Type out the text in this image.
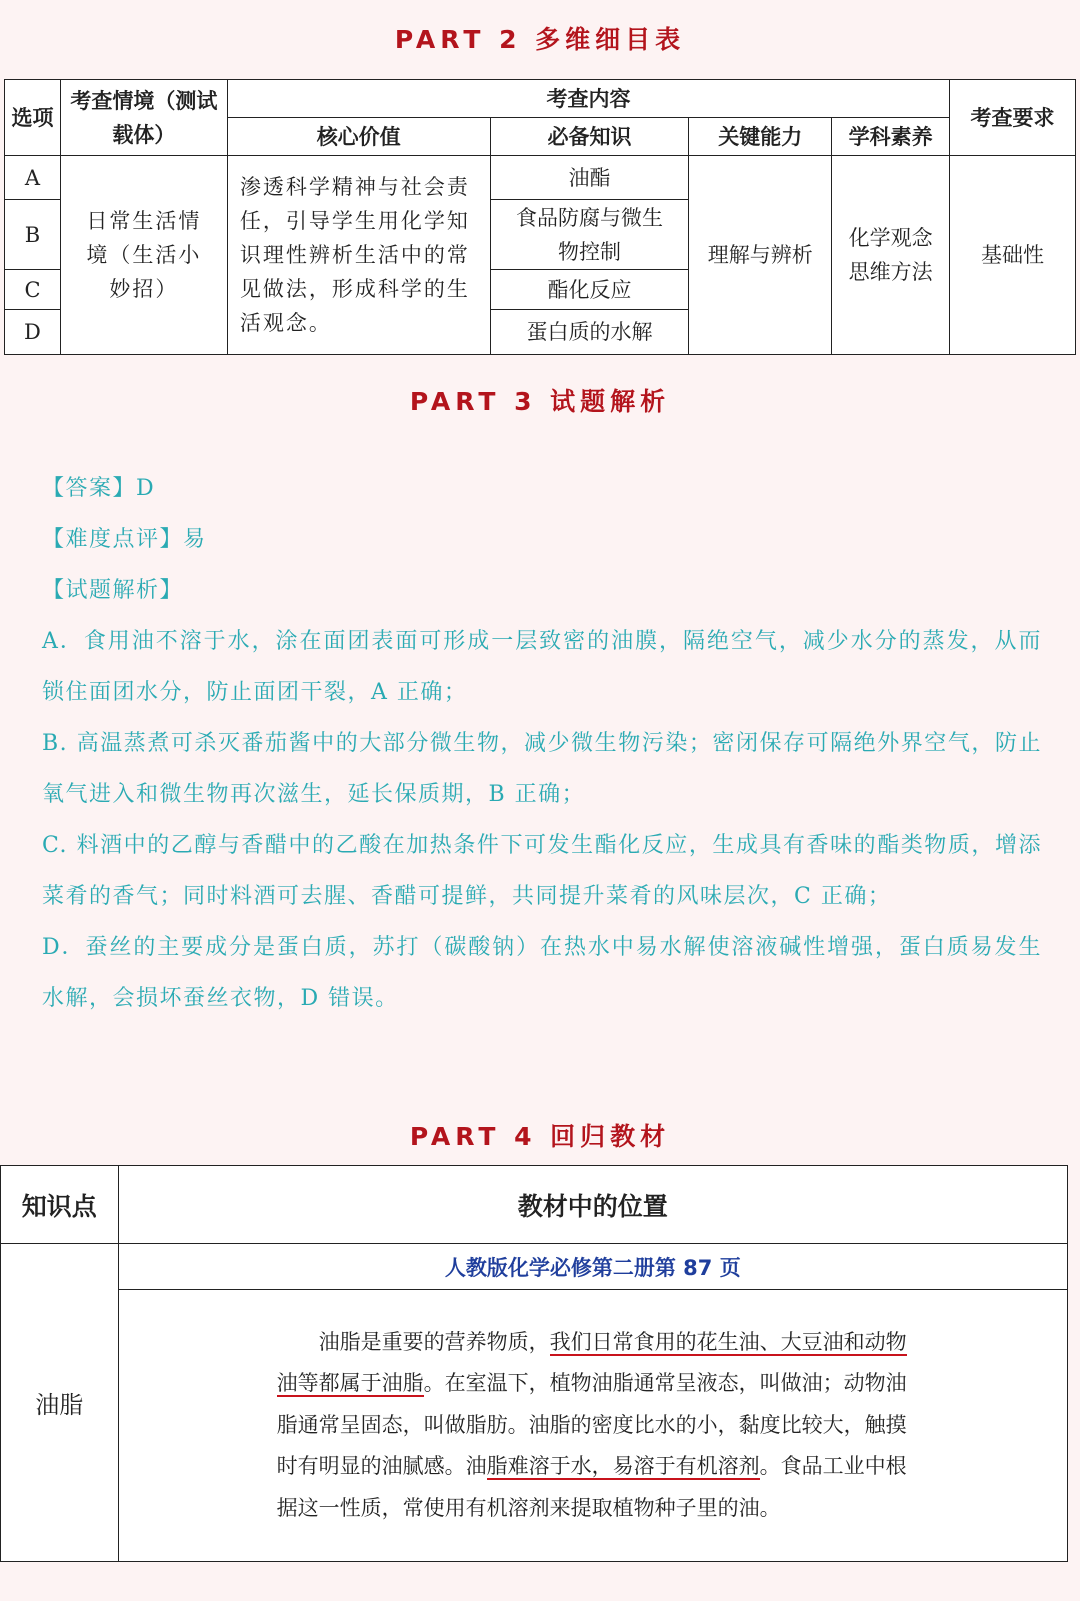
PART 2 多维细目表
选项	考查情境（测试载体）	考查内容				考查要求
		核心价值	必备知识	关键能力	学科素养	
A	日常生活情境（生活小妙招）	渗透科学精神与社会责任，引导学生用化学知识理性辨析生活中的常见做法，形成科学的生活观念。	油酯	理解与辨析	化学观念思维方法	基础性
B			食品防腐与微生物控制			
C			酯化反应			
D			蛋白质的水解			
PART 3 试题解析
【答案】D
【难度点评】易
【试题解析】

A．食用油不溶于水，涂在面团表面可形成一层致密的油膜，隔绝空气，减少水分的蒸发，从而锁住面团水分，防止面团干裂，A 正确；

B. 高温蒸煮可杀灭番茄酱中的大部分微生物，减少微生物污染；密闭保存可隔绝外界空气，防止氧气进入和微生物再次滋生，延长保质期，B 正确；

C. 料酒中的乙醇与香醋中的乙酸在加热条件下可发生酯化反应，生成具有香味的酯类物质，增添菜肴的香气；同时料酒可去腥、香醋可提鲜，共同提升菜肴的风味层次，C 正确；

D．蚕丝的主要成分是蛋白质，苏打（碳酸钠）在热水中易水解使溶液碱性增强，蛋白质易发生水解，会损坏蚕丝衣物，D 错误。

PART 4 回归教材
知识点	教材中的位置
油脂	人教版化学必修第二册第 87 页

	油脂是重要的营养物质，我们日常食用的花生油、大豆油和动物油等都属于油脂。在室温下，植物油脂通常呈液态，叫做油；动物油脂通常呈固态，叫做脂肪。油脂的密度比水的小，黏度比较大，触摸时有明显的油腻感。油脂难溶于水，易溶于有机溶剂。食品工业中根据这一性质，常使用有机溶剂来提取植物种子里的油。
